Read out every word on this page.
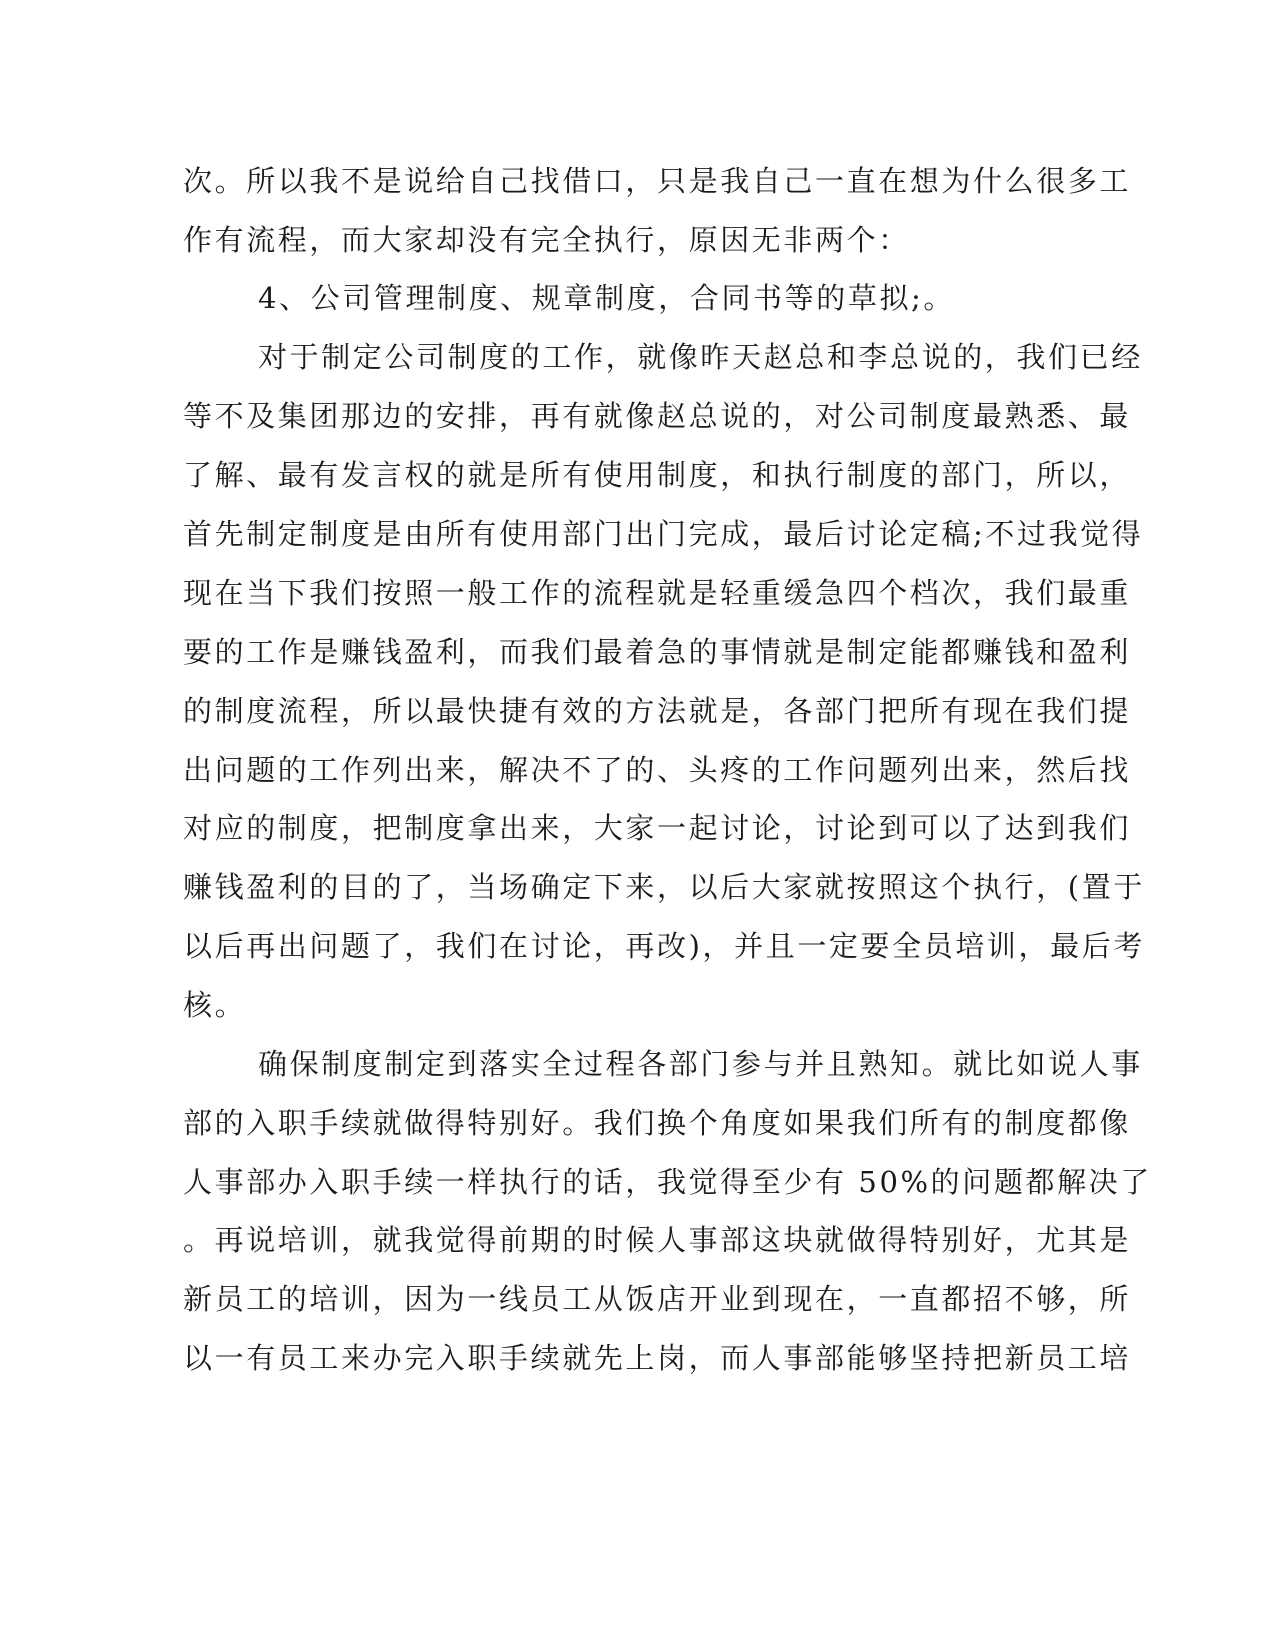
次。所以我不是说给自己找借口，只是我自己一直在想为什么很多工
作有流程，而大家却没有完全执行，原因无非两个：
4、公司管理制度、规章制度，合同书等的草拟;。
对于制定公司制度的工作，就像昨天赵总和李总说的，我们已经
等不及集团那边的安排，再有就像赵总说的，对公司制度最熟悉、最
了解、最有发言权的就是所有使用制度，和执行制度的部门，所以，
首先制定制度是由所有使用部门出门完成，最后讨论定稿;不过我觉得
现在当下我们按照一般工作的流程就是轻重缓急四个档次，我们最重
要的工作是赚钱盈利，而我们最着急的事情就是制定能都赚钱和盈利
的制度流程，所以最快捷有效的方法就是，各部门把所有现在我们提
出问题的工作列出来，解决不了的、头疼的工作问题列出来，然后找
对应的制度，把制度拿出来，大家一起讨论，讨论到可以了达到我们
赚钱盈利的目的了，当场确定下来，以后大家就按照这个执行，(置于
以后再出问题了，我们在讨论，再改)，并且一定要全员培训，最后考
核。
确保制度制定到落实全过程各部门参与并且熟知。就比如说人事
部的入职手续就做得特别好。我们换个角度如果我们所有的制度都像
人事部办入职手续一样执行的话，我觉得至少有 50%的问题都解决了
。再说培训，就我觉得前期的时候人事部这块就做得特别好，尤其是
新员工的培训，因为一线员工从饭店开业到现在，一直都招不够，所
以一有员工来办完入职手续就先上岗，而人事部能够坚持把新员工培
